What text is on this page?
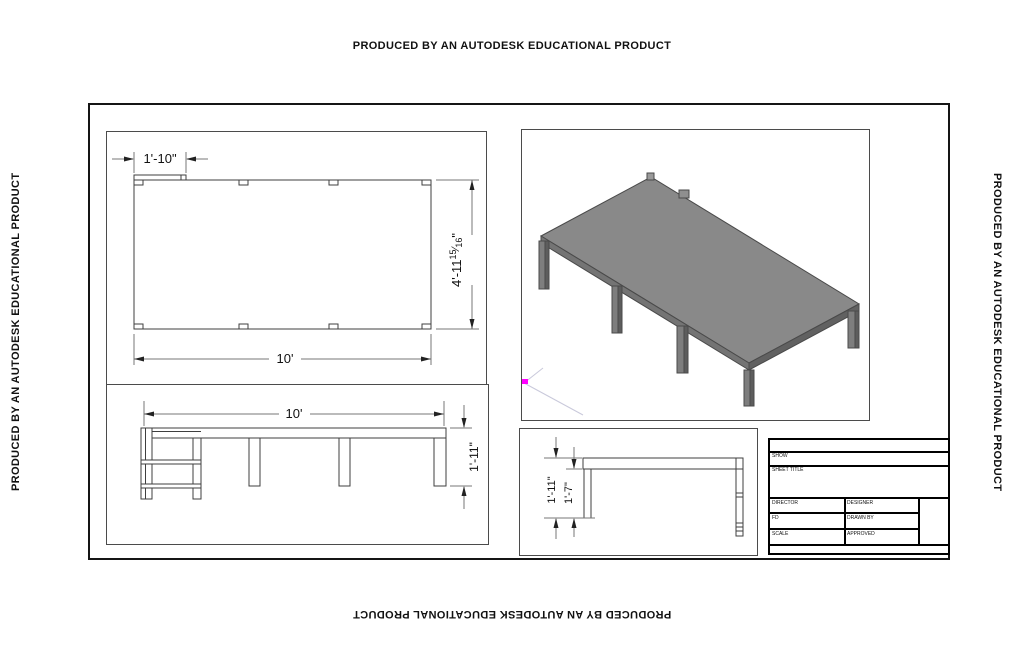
PRODUCED BY AN AUTODESK EDUCATIONAL PRODUCT
PRODUCED BY AN AUTODESK EDUCATIONAL PRODUCT	PRODUCED BY AN AUTODESK EDUCATIONAL PRODUCT
PRODUCED BY AN AUTODESK EDUCATIONAL PRODUCT
1'-10"
10'
$4'-11^{15}_{⁄16}$"
10'
1'-11"
1'-11" 1'-7"
SHOW
SHEET TITLE
DIRECTOR
FD
SCALE
DESIGNER
DRAWN BY
APPROVED
